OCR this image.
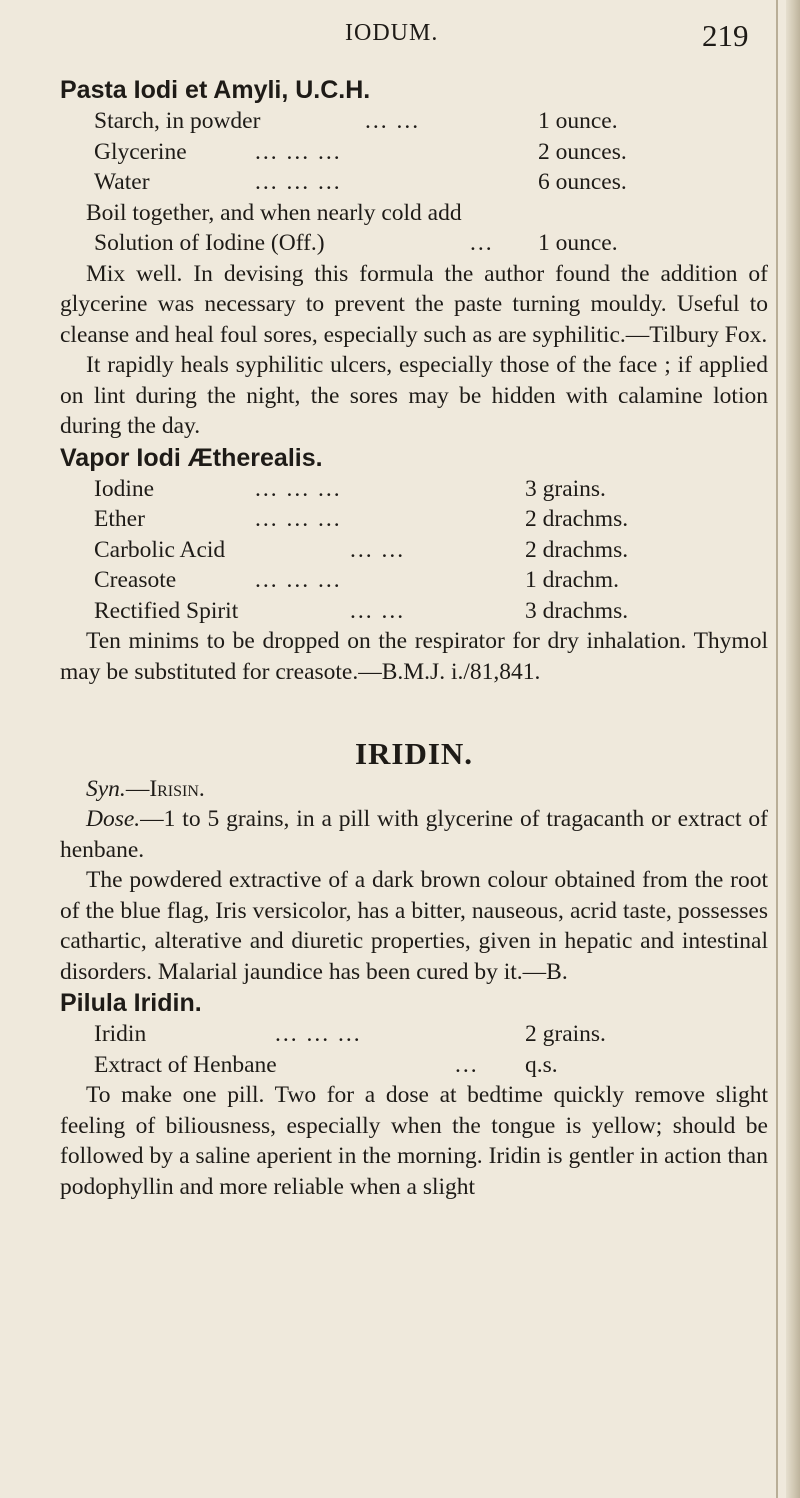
IODUM.	219
Pasta Iodi et Amyli, U.C.H.
Starch, in powder	... ...	1 ounce.
Glycerine	... ... ...	2 ounces.
Water	... ... ...	6 ounces.
Boil together, and when nearly cold add
Solution of Iodine (Off.)	... 1 ounce.

Mix well. In devising this formula the author found the addition of glycerine was necessary to prevent the paste turning mouldy. Useful to cleanse and heal foul sores, especially such as are syphilitic.—Tilbury Fox.

It rapidly heals syphilitic ulcers, especially those of the face ; if applied on lint during the night, the sores may be hidden with calamine lotion during the day.

Vapor Iodi Ætherealis.
Iodine	... ... ...	3 grains.
Ether	... ... ...	2 drachms.
Carbolic Acid	... ...	2 drachms.
Creasote	... ... ...	1 drachm.
Rectified Spirit	... ...	3 drachms.

Ten minims to be dropped on the respirator for dry inhalation. Thymol may be substituted for creasote.—B.M.J. i./81,841.

IRIDIN.
Syn.—Irisin.

Dose.—1 to 5 grains, in a pill with glycerine of tragacanth or extract of henbane.

The powdered extractive of a dark brown colour obtained from the root of the blue flag, Iris versicolor, has a bitter, nauseous, acrid taste, possesses cathartic, alterative and diuretic properties, given in hepatic and intestinal disorders. Malarial jaundice has been cured by it.—B.

Pilula Iridin.
Iridin	... ... ...	2 grains.
Extract of Henbane	... q.s.

To make one pill. Two for a dose at bedtime quickly remove slight feeling of biliousness, especially when the tongue is yellow; should be followed by a saline aperient in the morning. Iridin is gentler in action than podophyllin and more reliable when a slight
